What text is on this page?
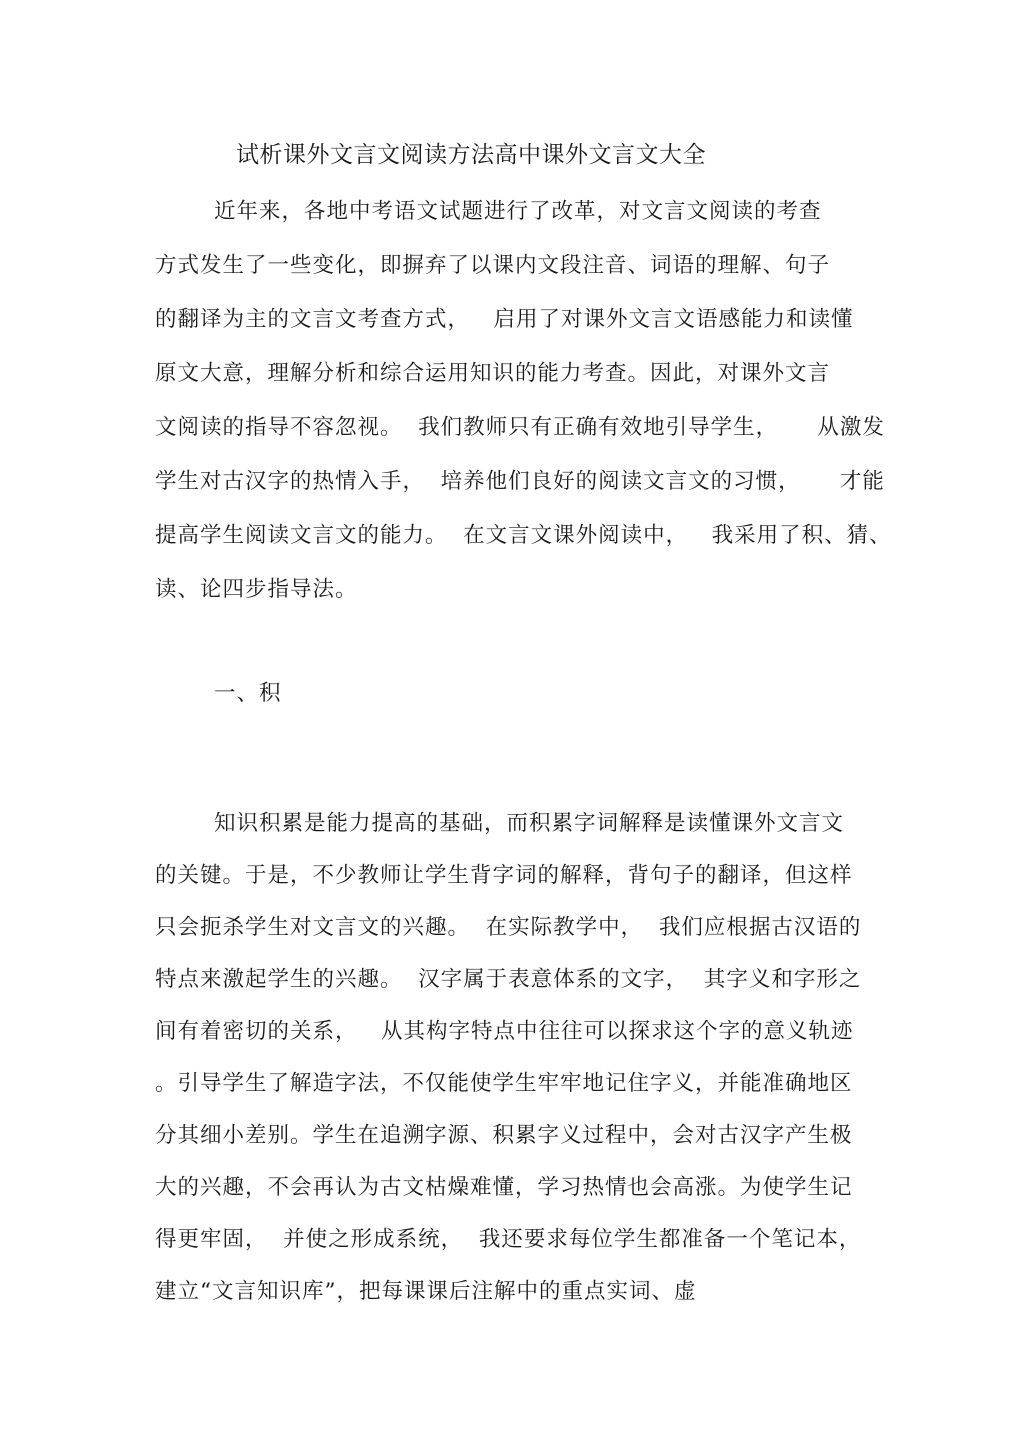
试析课外文言文阅读方法高中课外文言文大全
近年来，各地中考语文试题进行了改革，对文言文阅读的考查
方式发生了一些变化，即摒弃了以课内文段注音、词语的理解、句子
的翻译为主的文言文考查方式，   启用了对课外文言文语感能力和读懂
原文大意，理解分析和综合运用知识的能力考查。因此，对课外文言
文阅读的指导不容忽视。  我们教师只有正确有效地引导学生，     从激发
学生对古汉字的热情入手，  培养他们良好的阅读文言文的习惯，     才能
提高学生阅读文言文的能力。  在文言文课外阅读中，   我采用了积、猜、
读、论四步指导法。
一、积
知识积累是能力提高的基础，而积累字词解释是读懂课外文言文
的关键。于是，不少教师让学生背字词的解释，背句子的翻译，但这样
只会扼杀学生对文言文的兴趣。  在实际教学中，  我们应根据古汉语的
特点来激起学生的兴趣。  汉字属于表意体系的文字，  其字义和字形之
间有着密切的关系，   从其构字特点中往往可以探求这个字的意义轨迹
。引导学生了解造字法，不仅能使学生牢牢地记住字义，并能准确地区
分其细小差别。学生在追溯字源、积累字义过程中，会对古汉字产生极
大的兴趣，不会再认为古文枯燥难懂，学习热情也会高涨。为使学生记
得更牢固，  并使之形成系统，  我还要求每位学生都准备一个笔记本，
建立“文言知识库”，把每课课后注解中的重点实词、虚
